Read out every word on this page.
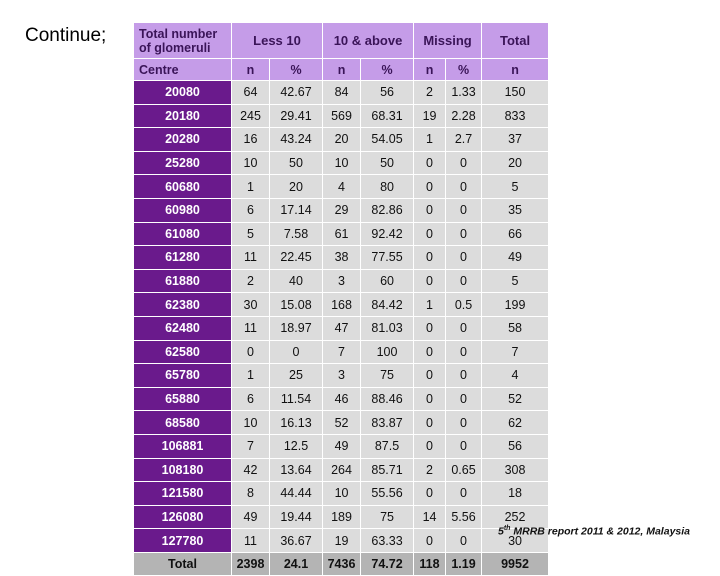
Continue;	Total number of glomeruli	Less 10		10 & above		Missing		Total
Centre	n	%	n	%	n	%	n
20080	64	42.67	84	56	2	1.33	150
20180	245	29.41	569	68.31	19	2.28	833
20280	16	43.24	20	54.05	1	2.7	37
25280	10	50	10	50	0	0	20
60680	1	20	4	80	0	0	5
60980	6	17.14	29	82.86	0	0	35
61080	5	7.58	61	92.42	0	0	66
61280	11	22.45	38	77.55	0	0	49
61880	2	40	3	60	0	0	5
62380	30	15.08	168	84.42	1	0.5	199
62480	11	18.97	47	81.03	0	0	58
62580	0	0	7	100	0	0	7
65780	1	25	3	75	0	0	4
65880	6	11.54	46	88.46	0	0	52
68580	10	16.13	52	83.87	0	0	62
106881	7	12.5	49	87.5	0	0	56
108180	42	13.64	264	85.71	2	0.65	308
121580	8	44.44	10	55.56	0	0	18
126080	49	19.44	189	75	14	5.56	252
127780	11	36.67	19	63.33	0	0	30
Total	2398	24.1	7436	74.72	118	1.19	9952
5th MRRB report 2011 & 2012, Malaysia
